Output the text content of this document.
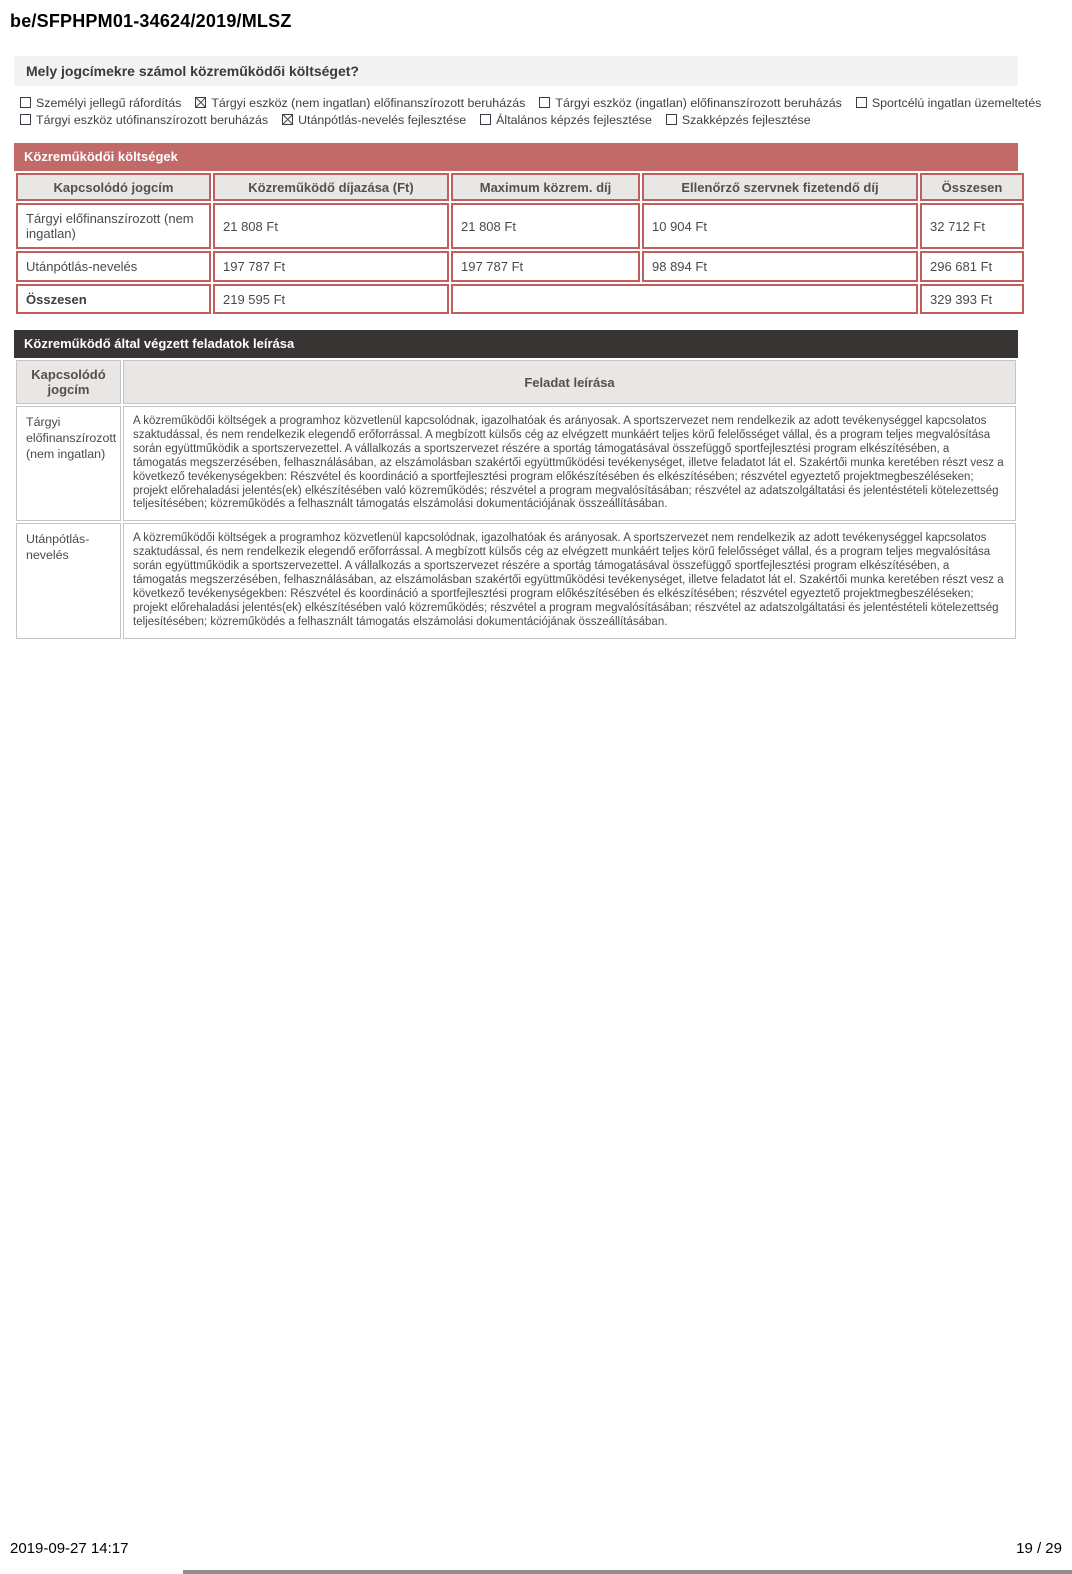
be/SFPHPM01-34624/2019/MLSZ
Mely jogcímekre számol közreműködői költséget?
Személyi jellegű ráfordítás Tárgyi eszköz (nem ingatlan) előfinanszírozott beruházás Tárgyi eszköz (ingatlan) előfinanszírozott beruházás Sportcélú ingatlan üzemeltetés
Tárgyi eszköz utófinanszírozott beruházás Utánpótlás-nevelés fejlesztése Általános képzés fejlesztése Szakképzés fejlesztése
Közreműködői költségek
Kapcsolódó jogcím	Közreműködő díjazása (Ft)	Maximum közrem. díj	Ellenőrző szervnek fizetendő díj	Összesen
Tárgyi előfinanszírozott (nem ingatlan)	21 808 Ft	21 808 Ft	10 904 Ft	32 712 Ft
Utánpótlás-nevelés	197 787 Ft	197 787 Ft	98 894 Ft	296 681 Ft
Összesen	219 595 Ft			329 393 Ft
Közreműködő által végzett feladatok leírása
Kapcsolódó jogcím	Feladat leírása
Tárgyi előfinanszírozott (nem ingatlan)	A közreműködői költségek a programhoz közvetlenül kapcsolódnak, igazolhatóak és arányosak. A sportszervezet nem rendelkezik az adott tevékenységgel kapcsolatos szaktudással, és nem rendelkezik elegendő erőforrással. A megbízott külsős cég az elvégzett munkáért teljes körű felelősséget vállal, és a program teljes megvalósítása során együttműködik a sportszervezettel. A vállalkozás a sportszervezet részére a sportág támogatásával összefüggő sportfejlesztési program elkészítésében, a támogatás megszerzésében, felhasználásában, az elszámolásban szakértői együttműködési tevékenységet, illetve feladatot lát el. Szakértői munka keretében részt vesz a következő tevékenységekben: Részvétel és koordináció a sportfejlesztési program előkészítésében és elkészítésében; részvétel egyeztető projektmegbeszéléseken; projekt előrehaladási jelentés(ek) elkészítésében való közreműködés; részvétel a program megvalósításában; részvétel az adatszolgáltatási és jelentéstételi kötelezettség teljesítésében; közreműködés a felhasznált támogatás elszámolási dokumentációjának összeállításában.
Utánpótlás-nevelés	A közreműködői költségek a programhoz közvetlenül kapcsolódnak, igazolhatóak és arányosak. A sportszervezet nem rendelkezik az adott tevékenységgel kapcsolatos szaktudással, és nem rendelkezik elegendő erőforrással. A megbízott külsős cég az elvégzett munkáért teljes körű felelősséget vállal, és a program teljes megvalósítása során együttműködik a sportszervezettel. A vállalkozás a sportszervezet részére a sportág támogatásával összefüggő sportfejlesztési program elkészítésében, a támogatás megszerzésében, felhasználásában, az elszámolásban szakértői együttműködési tevékenységet, illetve feladatot lát el. Szakértői munka keretében részt vesz a következő tevékenységekben: Részvétel és koordináció a sportfejlesztési program előkészítésében és elkészítésében; részvétel egyeztető projektmegbeszéléseken; projekt előrehaladási jelentés(ek) elkészítésében való közreműködés; részvétel a program megvalósításában; részvétel az adatszolgáltatási és jelentéstételi kötelezettség teljesítésében; közreműködés a felhasznált támogatás elszámolási dokumentációjának összeállításában.
2019-09-27 14:17	19 / 29
